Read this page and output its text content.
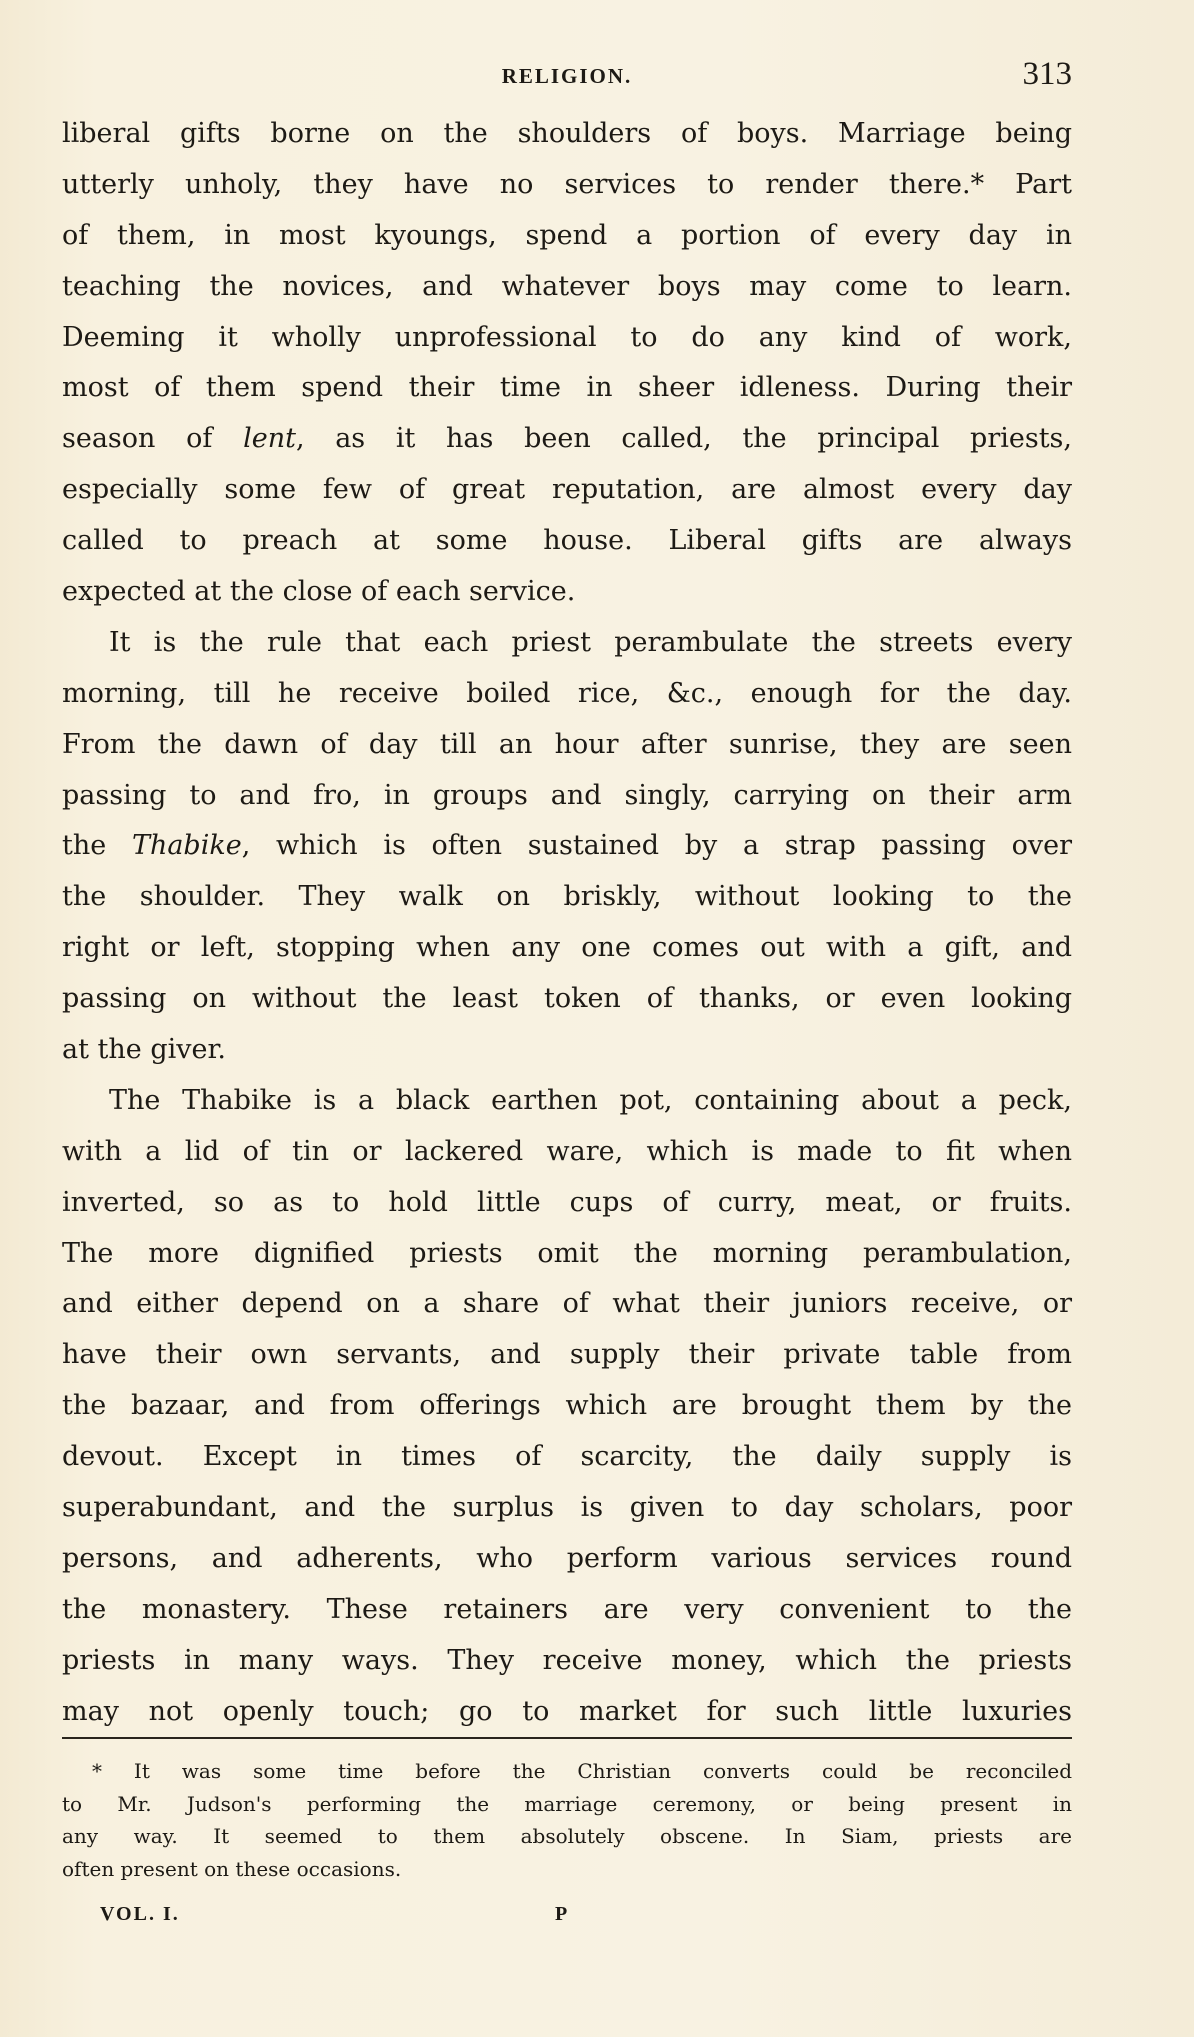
RELIGION.	313
liberal gifts borne on the shoulders of boys. Marriage being
utterly unholy, they have no services to render there.* Part
of them, in most kyoungs, spend a portion of every day in
teaching the novices, and whatever boys may come to learn.
Deeming it wholly unprofessional to do any kind of work,
most of them spend their time in sheer idleness. During their
season of lent, as it has been called, the principal priests,
especially some few of great reputation, are almost every day
called to preach at some house. Liberal gifts are always
expected at the close of each service.
It is the rule that each priest perambulate the streets every
morning, till he receive boiled rice, &c., enough for the day.
From the dawn of day till an hour after sunrise, they are seen
passing to and fro, in groups and singly, carrying on their arm
the Thabike, which is often sustained by a strap passing over
the shoulder. They walk on briskly, without looking to the
right or left, stopping when any one comes out with a gift, and
passing on without the least token of thanks, or even looking
at the giver.
The Thabike is a black earthen pot, containing about a peck,
with a lid of tin or lackered ware, which is made to fit when
inverted, so as to hold little cups of curry, meat, or fruits.
The more dignified priests omit the morning perambulation,
and either depend on a share of what their juniors receive, or
have their own servants, and supply their private table from
the bazaar, and from offerings which are brought them by the
devout. Except in times of scarcity, the daily supply is
superabundant, and the surplus is given to day scholars, poor
persons, and adherents, who perform various services round
the monastery. These retainers are very convenient to the
priests in many ways. They receive money, which the priests
may not openly touch; go to market for such little luxuries
* It was some time before the Christian converts could be reconciled
to Mr. Judson's performing the marriage ceremony, or being present in
any way. It seemed to them absolutely obscene. In Siam, priests are
often present on these occasions.
VOL. I.	P
